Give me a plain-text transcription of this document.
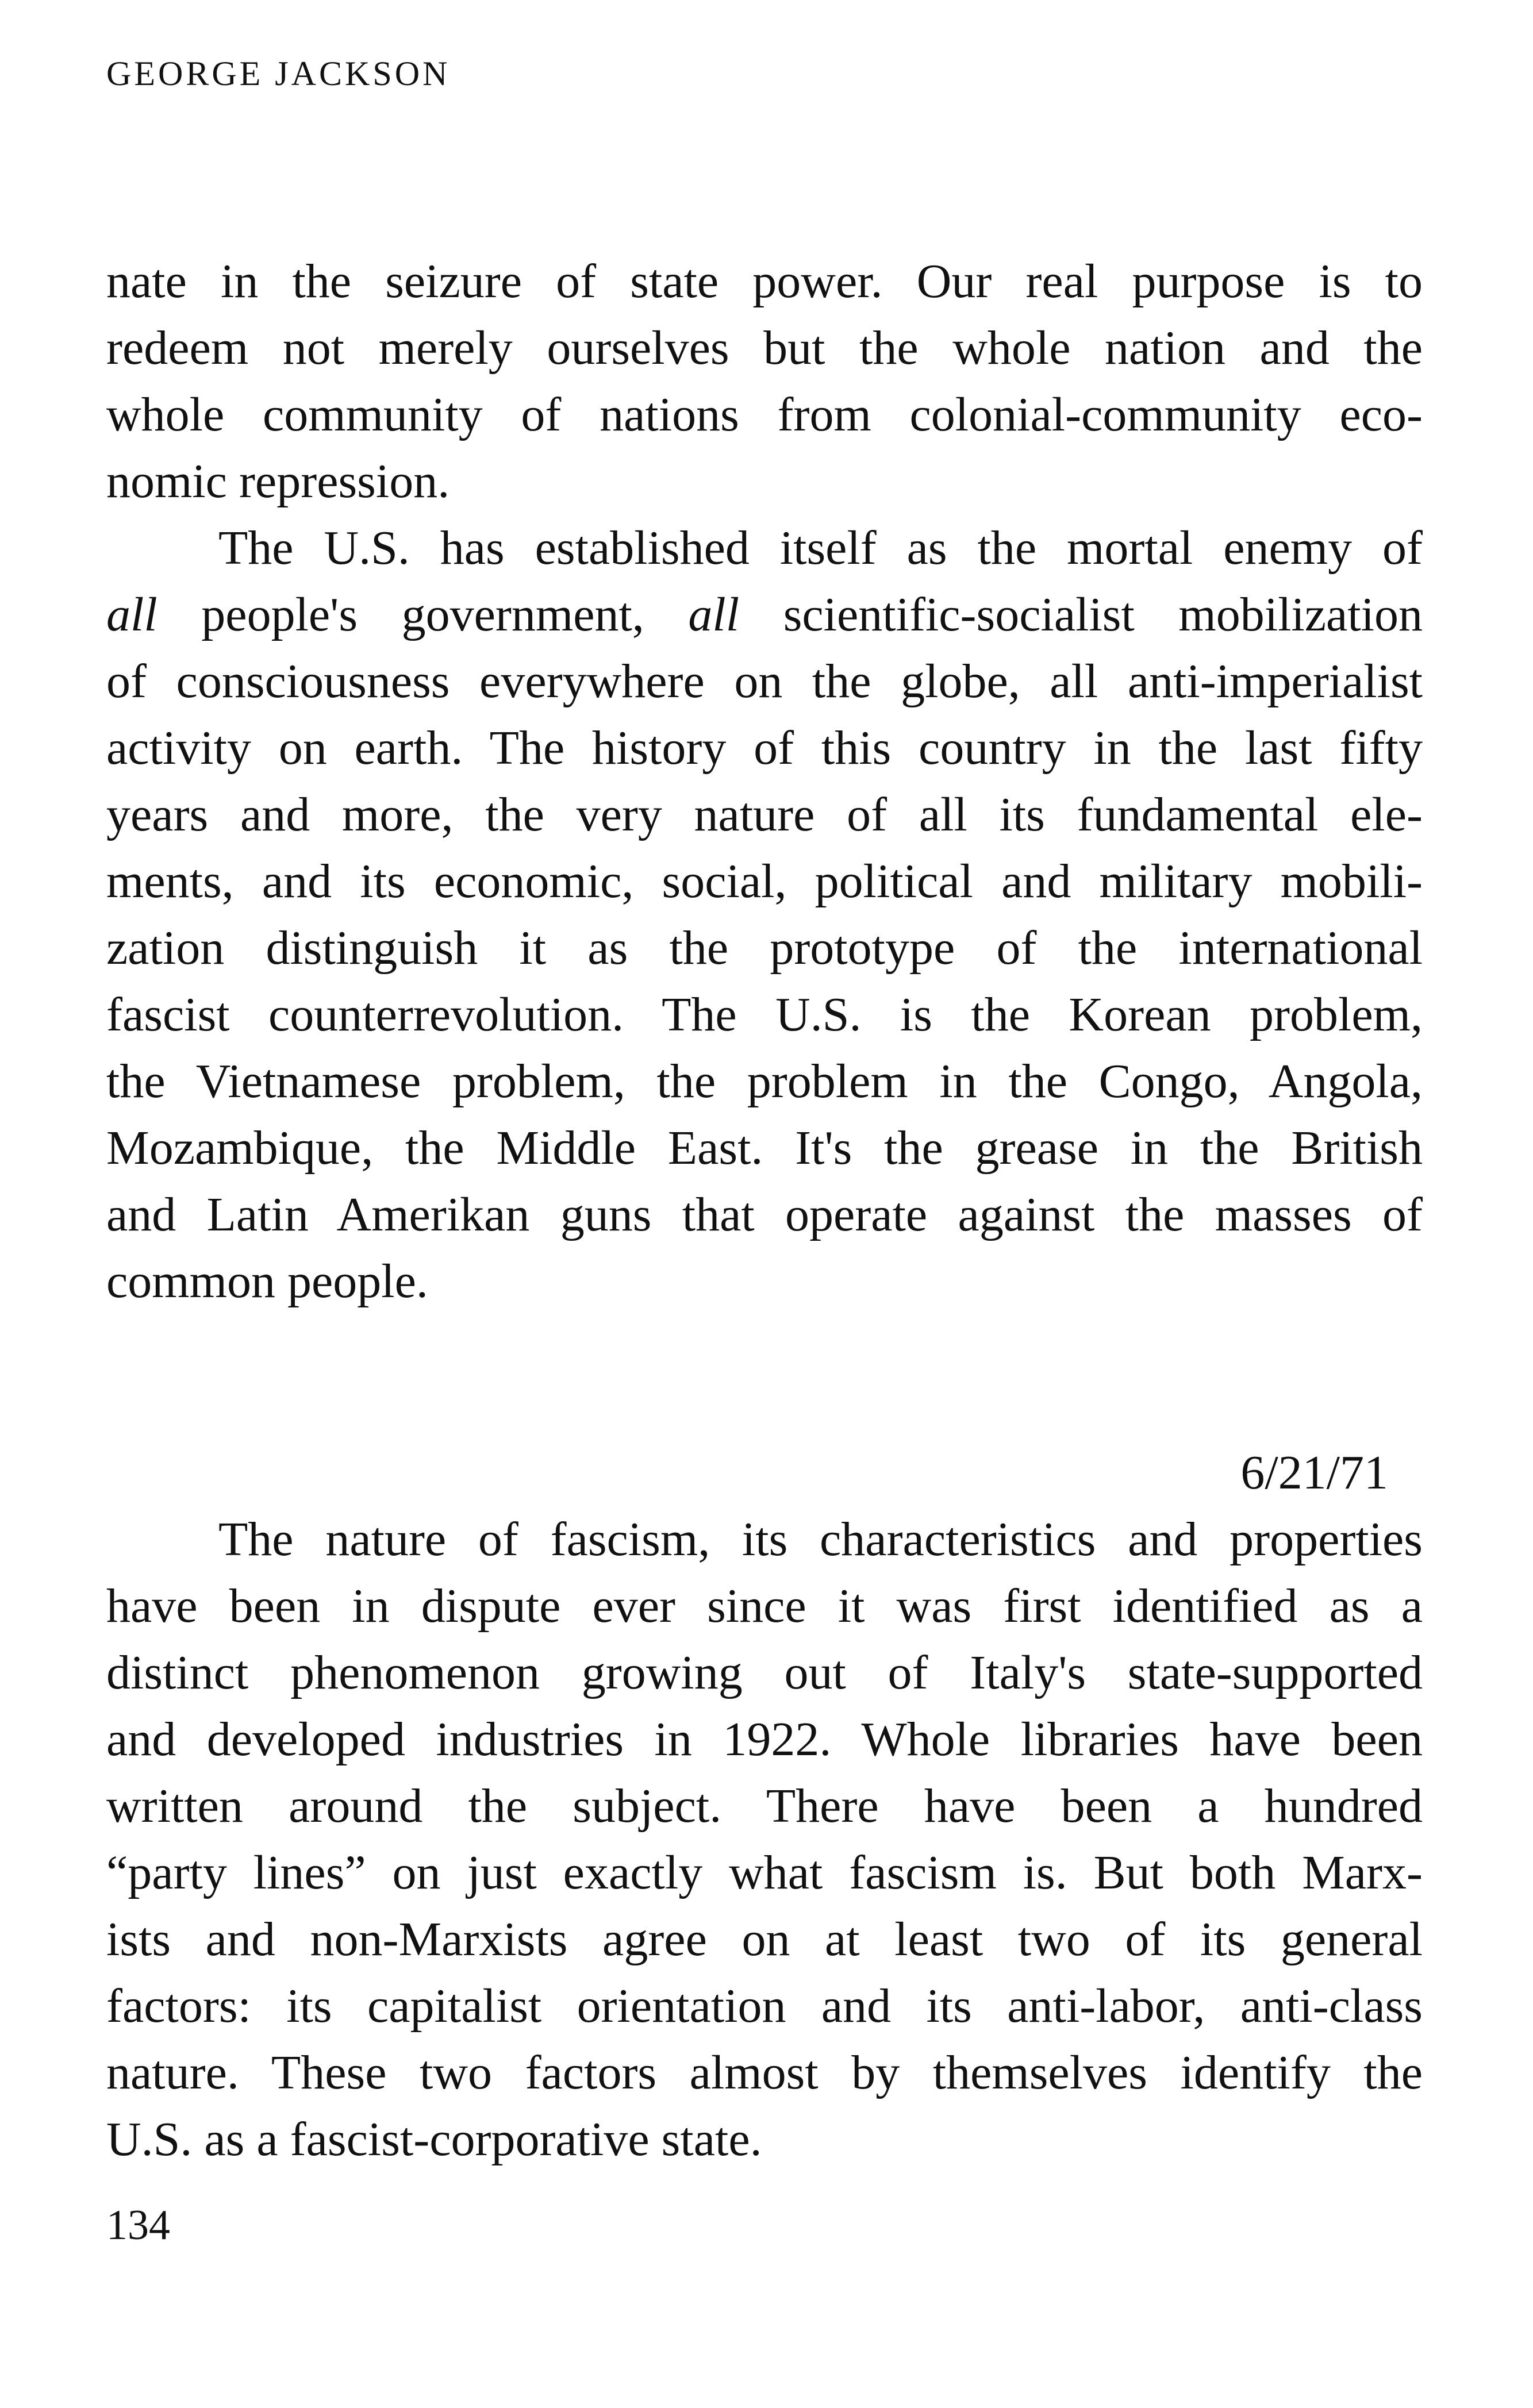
GEORGE JACKSON
nate in the seizure of state power. Our real purpose is to
redeem not merely ourselves but the whole nation and the
whole community of nations from colonial-community eco-
nomic repression.
The U.S. has established itself as the mortal enemy of
all people's government, all scientific-socialist mobilization
of consciousness everywhere on the globe, all anti-imperialist
activity on earth. The history of this country in the last fifty
years and more, the very nature of all its fundamental ele-
ments, and its economic, social, political and military mobili-
zation distinguish it as the prototype of the international
fascist counterrevolution. The U.S. is the Korean problem,
the Vietnamese problem, the problem in the Congo, Angola,
Mozambique, the Middle East. It's the grease in the British
and Latin Amerikan guns that operate against the masses of
common people.
6/21/71
The nature of fascism, its characteristics and properties
have been in dispute ever since it was first identified as a
distinct phenomenon growing out of Italy's state-supported
and developed industries in 1922. Whole libraries have been
written around the subject. There have been a hundred
“party lines” on just exactly what fascism is. But both Marx-
ists and non-Marxists agree on at least two of its general
factors: its capitalist orientation and its anti-labor, anti-class
nature. These two factors almost by themselves identify the
U.S. as a fascist-corporative state.
134
